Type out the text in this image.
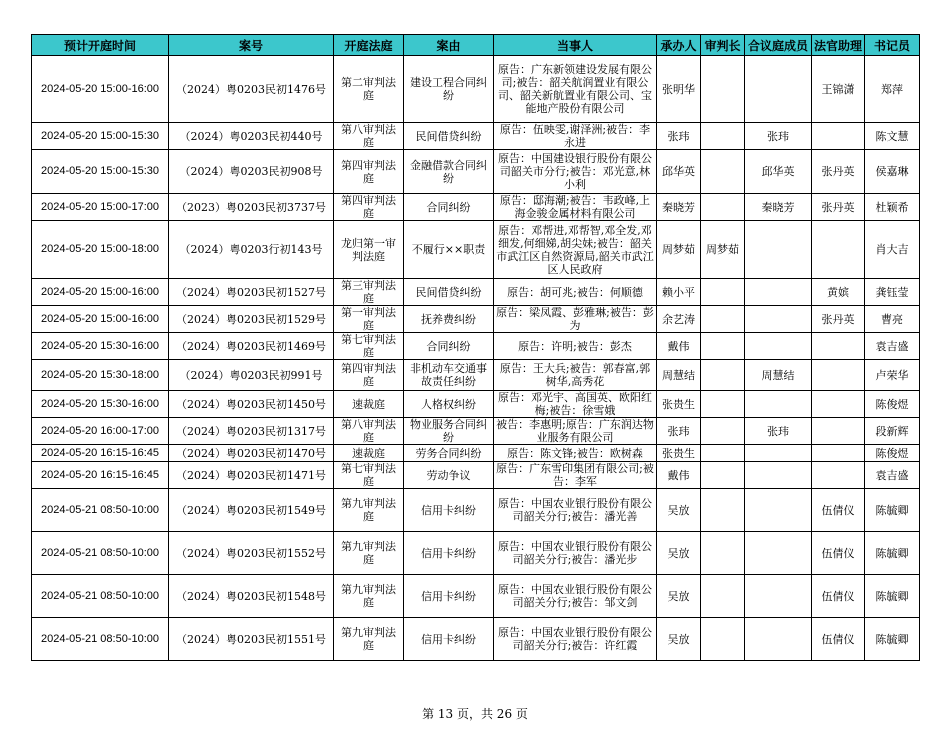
预计开庭时间	案号	开庭法庭	案由	当事人	承办人	审判长	合议庭成员	法官助理	书记员
2024-05-20 15:00-16:00	（2024）粤0203民初1476号	第二审判法庭	建设工程合同纠纷	原告：广东新领建设发展有限公司;被告：韶关航润置业有限公司、韶关新航置业有限公司、宝能地产股份有限公司	张明华			王锦潇	郑萍
2024-05-20 15:00-15:30	（2024）粤0203民初440号	第八审判法庭	民间借贷纠纷	原告：伍映雯,谢泽洲;被告：李永进	张玮		张玮		陈文慧
2024-05-20 15:00-15:30	（2024）粤0203民初908号	第四审判法庭	金融借款合同纠纷	原告：中国建设银行股份有限公司韶关市分行;被告：邓光意,林小利	邱华英		邱华英	张丹英	侯嘉琳
2024-05-20 15:00-17:00	（2023）粤0203民初3737号	第四审判法庭	合同纠纷	原告：邸海潮;被告：韦政峰,上海金骏金属材料有限公司	秦晓芳		秦晓芳	张丹英	杜颖希
2024-05-20 15:00-18:00	（2024）粤0203行初143号	龙归第一审判法庭	不履行××职责	原告：邓帮进,邓帮智,邓全发,邓细发,何细娣,胡尖妹;被告：韶关市武江区自然资源局,韶关市武江区人民政府	周梦茹	周梦茹			肖大吉
2024-05-20 15:00-16:00	（2024）粤0203民初1527号	第三审判法庭	民间借贷纠纷	原告：胡可兆;被告：何顺德	赖小平			黄嫔	龚钰莹
2024-05-20 15:00-16:00	（2024）粤0203民初1529号	第一审判法庭	抚养费纠纷	原告：梁凤霞、彭雅琳;被告：彭为	余艺涛			张丹英	曹亮
2024-05-20 15:30-16:00	（2024）粤0203民初1469号	第七审判法庭	合同纠纷	原告：许明;被告：彭杰	戴伟				袁吉盛
2024-05-20 15:30-18:00	（2024）粤0203民初991号	第四审判法庭	非机动车交通事故责任纠纷	原告：王大兵;被告：郭春富,郭树华,高秀花	周慧结		周慧结		卢荣华
2024-05-20 15:30-16:00	（2024）粤0203民初1450号	速裁庭	人格权纠纷	原告：邓光宇、高国英、欧阳红梅;被告：徐雪娥	张贵生				陈俊煜
2024-05-20 16:00-17:00	（2024）粤0203民初1317号	第八审判法庭	物业服务合同纠纷	被告：李惠明;原告：广东润达物业服务有限公司	张玮		张玮		段新辉
2024-05-20 16:15-16:45	（2024）粤0203民初1470号	速裁庭	劳务合同纠纷	原告：陈文锋;被告：欧树森	张贵生				陈俊煜
2024-05-20 16:15-16:45	（2024）粤0203民初1471号	第七审判法庭	劳动争议	原告：广东雪印集团有限公司;被告：李军	戴伟				袁吉盛
2024-05-21 08:50-10:00	（2024）粤0203民初1549号	第九审判法庭	信用卡纠纷	原告：中国农业银行股份有限公司韶关分行;被告：潘光善	吴放			伍倩仪	陈毓卿
2024-05-21 08:50-10:00	（2024）粤0203民初1552号	第九审判法庭	信用卡纠纷	原告：中国农业银行股份有限公司韶关分行;被告：潘光步	吴放			伍倩仪	陈毓卿
2024-05-21 08:50-10:00	（2024）粤0203民初1548号	第九审判法庭	信用卡纠纷	原告：中国农业银行股份有限公司韶关分行;被告：邹文剑	吴放			伍倩仪	陈毓卿
2024-05-21 08:50-10:00	（2024）粤0203民初1551号	第九审判法庭	信用卡纠纷	原告：中国农业银行股份有限公司韶关分行;被告：许红霞	吴放			伍倩仪	陈毓卿
第 13 页，共 26 页
